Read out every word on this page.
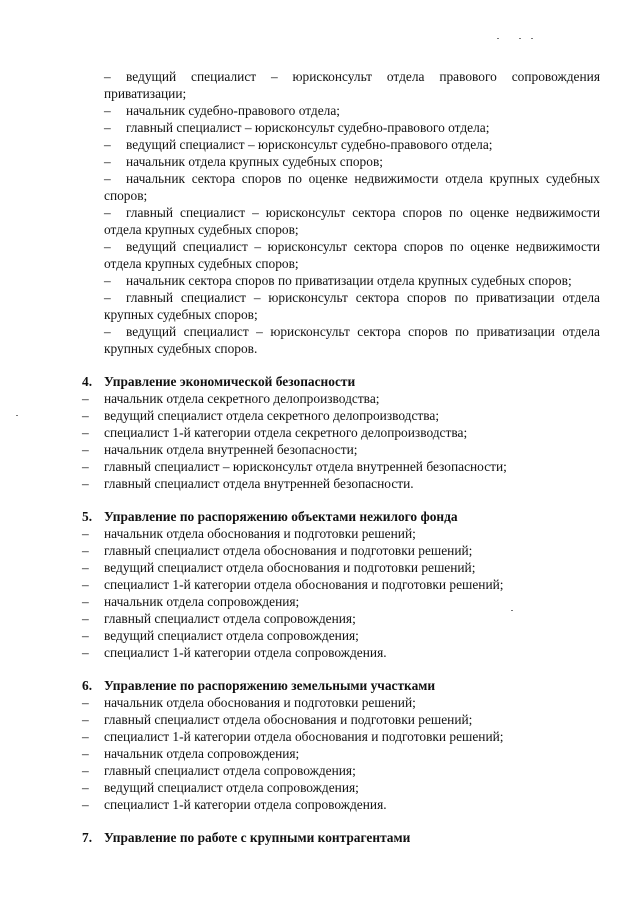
– ведущий специалист – юрисконсульт отдела правового сопровождения приватизации;

– начальник судебно-правового отдела;

– главный специалист – юрисконсульт судебно-правового отдела;

– ведущий специалист – юрисконсульт судебно-правового отдела;

– начальник отдела крупных судебных споров;

– начальник сектора споров по оценке недвижимости отдела крупных судебных споров;

– главный специалист – юрисконсульт сектора споров по оценке недвижимости отдела крупных судебных споров;

– ведущий специалист – юрисконсульт сектора споров по оценке недвижимости отдела крупных судебных споров;

– начальник сектора споров по приватизации отдела крупных судебных споров;

– главный специалист – юрисконсульт сектора споров по приватизации отдела крупных судебных споров;

– ведущий специалист – юрисконсульт сектора споров по приватизации отдела крупных судебных споров.

4. Управление экономической безопасности

–	начальник отдела секретного делопроизводства;

–	ведущий специалист отдела секретного делопроизводства;

–	специалист 1-й категории отдела секретного делопроизводства;

–	начальник отдела внутренней безопасности;

–	главный специалист – юрисконсульт отдела внутренней безопасности;

–	главный специалист отдела внутренней безопасности.

5. Управление по распоряжению объектами нежилого фонда

–	начальник отдела обоснования и подготовки решений;

–	главный специалист отдела обоснования и подготовки решений;

–	ведущий специалист отдела обоснования и подготовки решений;

–	специалист 1-й категории отдела обоснования и подготовки решений;

–	начальник отдела сопровождения;

–	главный специалист отдела сопровождения;

–	ведущий специалист отдела сопровождения;

–	специалист 1-й категории отдела сопровождения.

6. Управление по распоряжению земельными участками

–	начальник отдела обоснования и подготовки решений;

–	главный специалист отдела обоснования и подготовки решений;

–	специалист 1-й категории отдела обоснования и подготовки решений;

–	начальник отдела сопровождения;

–	главный специалист отдела сопровождения;

–	ведущий специалист отдела сопровождения;

–	специалист 1-й категории отдела сопровождения.

7. Управление по работе с крупными контрагентами
